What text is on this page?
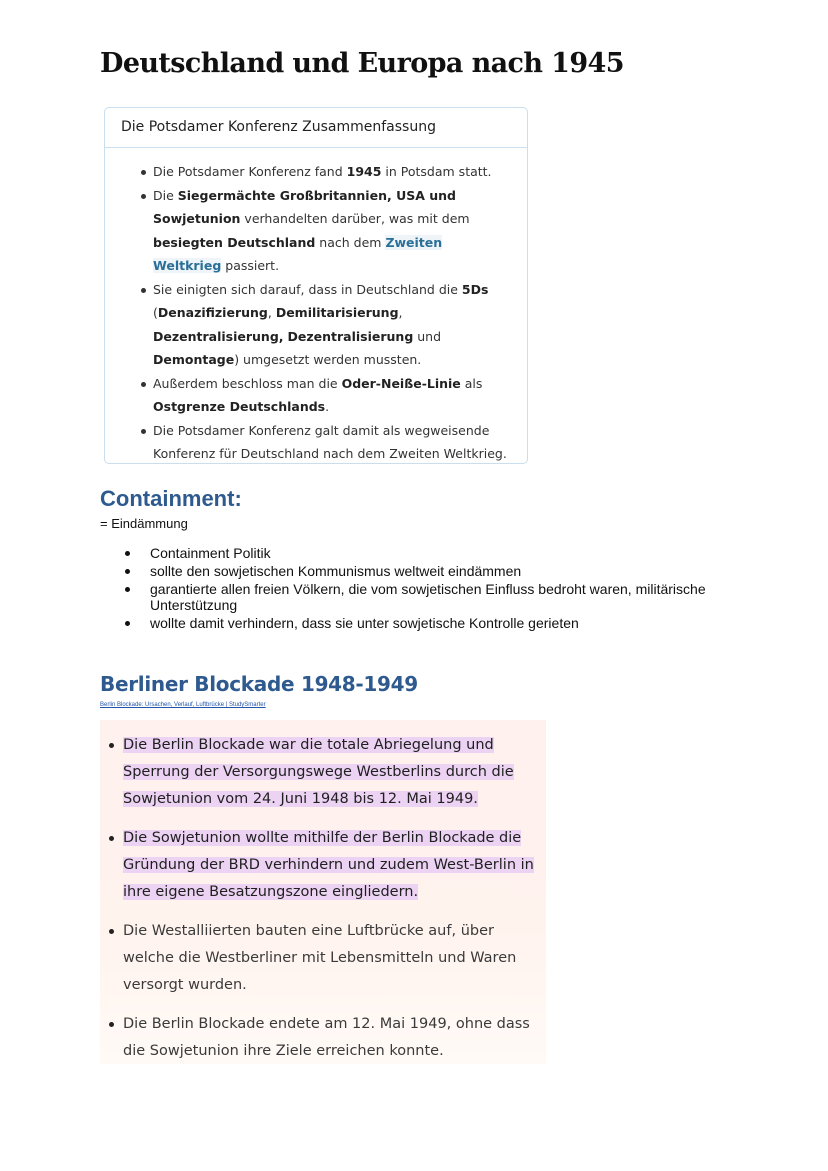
Deutschland und Europa nach 1945
Die Potsdamer Konferenz Zusammenfassung
Die Potsdamer Konferenz fand 1945 in Potsdam statt.
Die Siegermächte Großbritannien, USA und Sowjetunion verhandelten darüber, was mit dem besiegten Deutschland nach dem Zweiten Weltkrieg passiert.
Sie einigten sich darauf, dass in Deutschland die 5Ds (Denazifizierung, Demilitarisierung, Dezentralisierung, Dezentralisierung und Demontage) umgesetzt werden mussten.
Außerdem beschloss man die Oder-Neiße-Linie als Ostgrenze Deutschlands.
Die Potsdamer Konferenz galt damit als wegweisende Konferenz für Deutschland nach dem Zweiten Weltkrieg.
Containment:
= Eindämmung
Containment Politik
sollte den sowjetischen Kommunismus weltweit eindämmen
garantierte allen freien Völkern, die vom sowjetischen Einfluss bedroht waren, militärische Unterstützung
wollte damit verhindern, dass sie unter sowjetische Kontrolle gerieten
Berliner Blockade 1948-1949
Berlin Blockade: Ursachen, Verlauf, Luftbrücke | StudySmarter
Die Berlin Blockade war die totale Abriegelung und Sperrung der Versorgungswege Westberlins durch die Sowjetunion vom 24. Juni 1948 bis 12. Mai 1949.
Die Sowjetunion wollte mithilfe der Berlin Blockade die Gründung der BRD verhindern und zudem West-Berlin in ihre eigene Besatzungszone eingliedern.
Die Westalliierten bauten eine Luftbrücke auf, über welche die Westberliner mit Lebensmitteln und Waren versorgt wurden.
Die Berlin Blockade endete am 12. Mai 1949, ohne dass die Sowjetunion ihre Ziele erreichen konnte.
